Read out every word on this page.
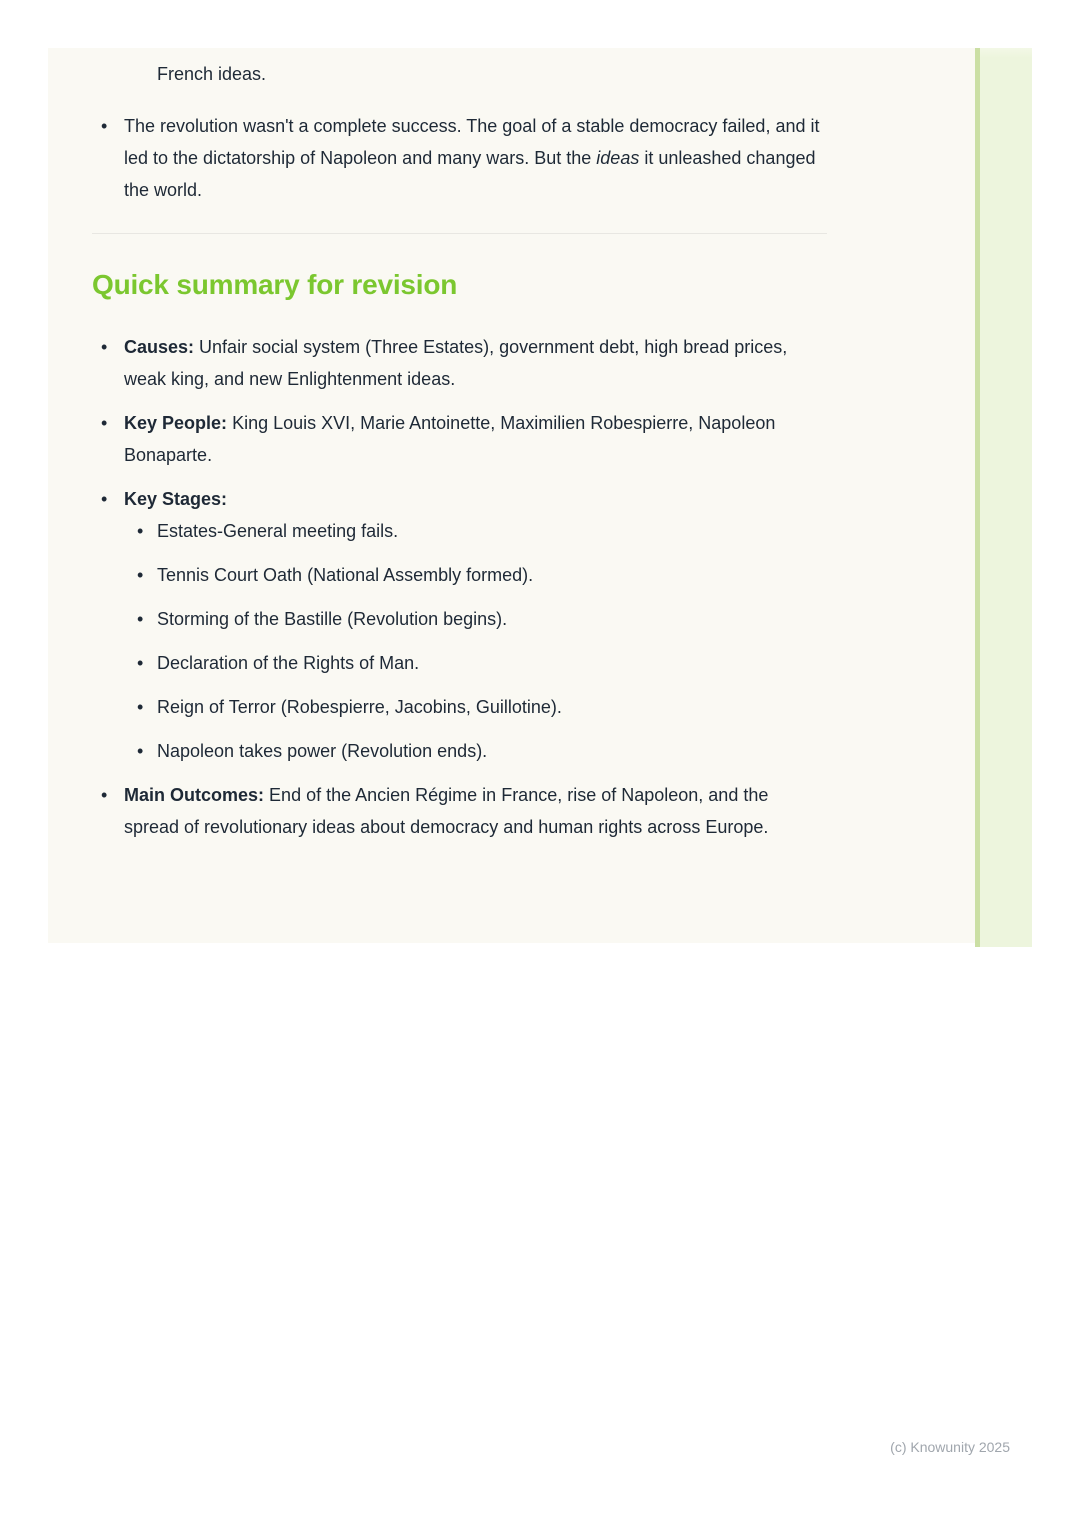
French ideas.
• The revolution wasn't a complete success. The goal of a stable democracy failed, and it led to the dictatorship of Napoleon and many wars. But the ideas it unleashed changed the world.
Quick summary for revision
• Causes: Unfair social system (Three Estates), government debt, high bread prices, weak king, and new Enlightenment ideas.
• Key People: King Louis XVI, Marie Antoinette, Maximilien Robespierre, Napoleon Bonaparte.
• Key Stages:
• Estates-General meeting fails.
• Tennis Court Oath (National Assembly formed).
• Storming of the Bastille (Revolution begins).
• Declaration of the Rights of Man.
• Reign of Terror (Robespierre, Jacobins, Guillotine).
• Napoleon takes power (Revolution ends).
• Main Outcomes: End of the Ancien Régime in France, rise of Napoleon, and the spread of revolutionary ideas about democracy and human rights across Europe.
(c) Knowunity 2025
